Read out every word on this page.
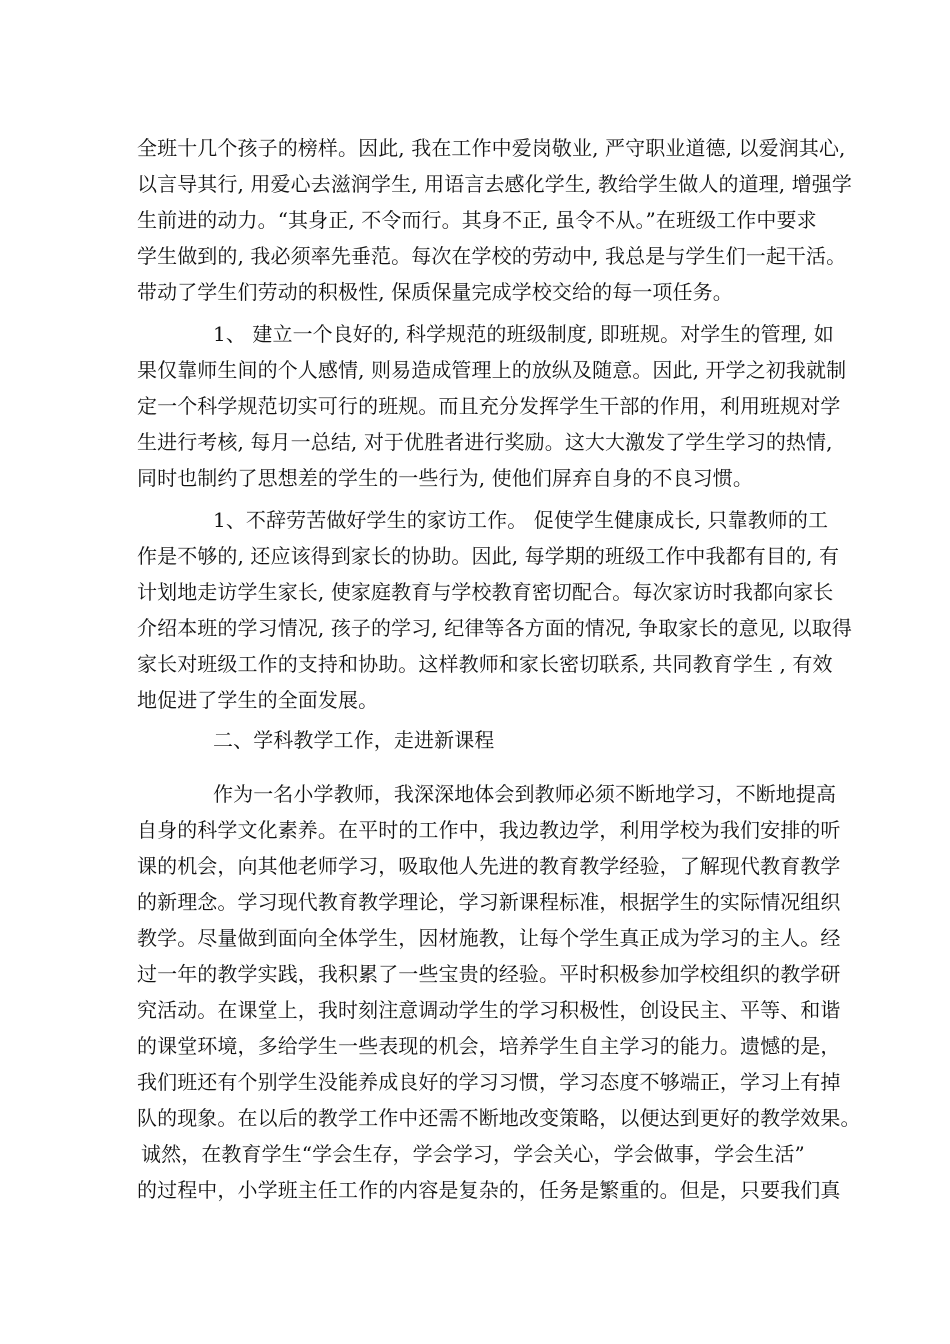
全班十几个孩子的榜样。因此, 我在工作中爱岗敬业, 严守职业道德, 以爱润其心,
以言导其行, 用爱心去滋润学生, 用语言去感化学生, 教给学生做人的道理, 增强学
生前进的动力。“其身正, 不令而行。其身不正, 虽令不从。”在班级工作中要求
学生做到的, 我必须率先垂范。每次在学校的劳动中, 我总是与学生们一起干活。
带动了学生们劳动的积极性, 保质保量完成学校交给的每一项任务。
1、 建立一个良好的, 科学规范的班级制度, 即班规。对学生的管理, 如
果仅靠师生间的个人感情, 则易造成管理上的放纵及随意。因此, 开学之初我就制
定一个科学规范切实可行的班规。而且充分发挥学生干部的作用，利用班规对学
生进行考核, 每月一总结, 对于优胜者进行奖励。这大大激发了学生学习的热情,
同时也制约了思想差的学生的一些行为, 使他们屏弃自身的不良习惯。
1、不辞劳苦做好学生的家访工作。 促使学生健康成长, 只靠教师的工
作是不够的, 还应该得到家长的协助。因此, 每学期的班级工作中我都有目的, 有
计划地走访学生家长, 使家庭教育与学校教育密切配合。每次家访时我都向家长
介绍本班的学习情况, 孩子的学习, 纪律等各方面的情况, 争取家长的意见, 以取得
家长对班级工作的支持和协助。这样教师和家长密切联系, 共同教育学生 , 有效
地促进了学生的全面发展。
二、学科教学工作，走进新课程
作为一名小学教师，我深深地体会到教师必须不断地学习，不断地提高
自身的科学文化素养。在平时的工作中，我边教边学，利用学校为我们安排的听
课的机会，向其他老师学习，吸取他人先进的教育教学经验，了解现代教育教学
的新理念。学习现代教育教学理论，学习新课程标准，根据学生的实际情况组织
教学。尽量做到面向全体学生，因材施教，让每个学生真正成为学习的主人。经
过一年的教学实践，我积累了一些宝贵的经验。平时积极参加学校组织的教学研
究活动。在课堂上，我时刻注意调动学生的学习积极性，创设民主、平等、和谐
的课堂环境，多给学生一些表现的机会，培养学生自主学习的能力。遗憾的是，
我们班还有个别学生没能养成良好的学习习惯，学习态度不够端正，学习上有掉
队的现象。在以后的教学工作中还需不断地改变策略，以便达到更好的教学效果。
诚然，在教育学生“学会生存，学会学习，学会关心，学会做事，学会生活”
的过程中，小学班主任工作的内容是复杂的，任务是繁重的。但是，只要我们真
